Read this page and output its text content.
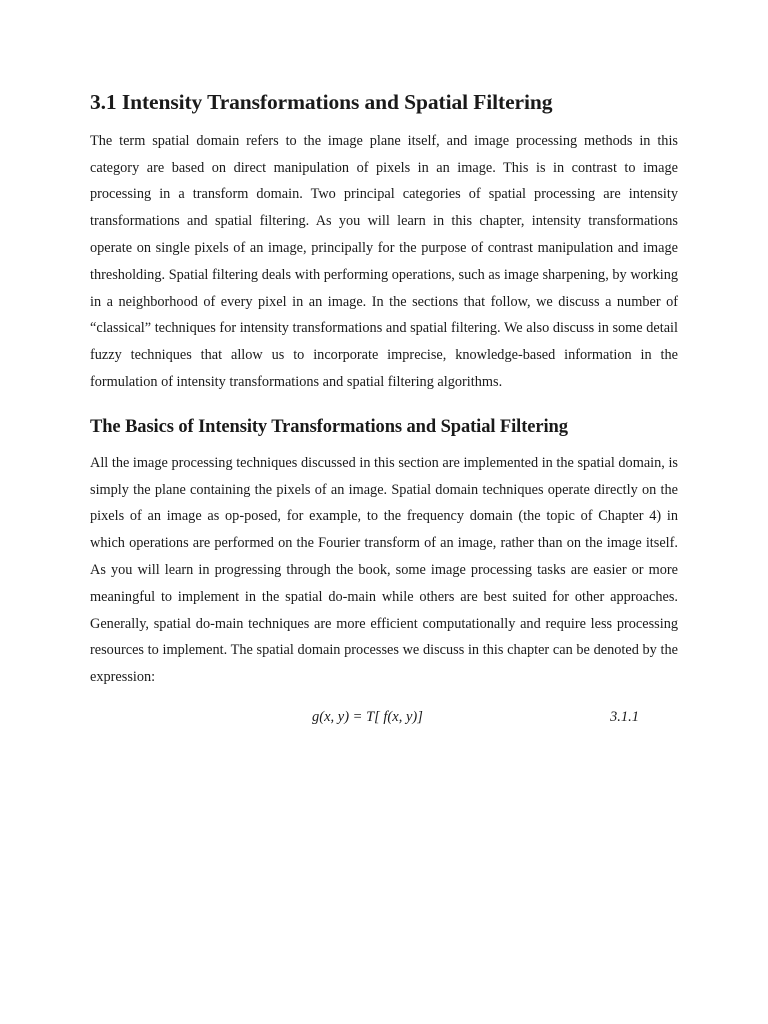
3.1 Intensity Transformations and Spatial Filtering

The term spatial domain refers to the image plane itself, and image processing methods in this category are based on direct manipulation of pixels in an image. This is in contrast to image processing in a transform domain. Two principal categories of spatial processing are intensity transformations and spatial filtering. As you will learn in this chapter, intensity transformations operate on single pixels of an image, principally for the purpose of contrast manipulation and image thresholding. Spatial filtering deals with performing operations, such as image sharpening, by working in a neighborhood of every pixel in an image. In the sections that follow, we discuss a number of “classical” techniques for intensity transformations and spatial filtering. We also discuss in some detail fuzzy techniques that allow us to incorporate imprecise, knowledge-based information in the formulation of intensity transformations and spatial filtering algorithms.

The Basics of Intensity Transformations and Spatial Filtering

All the image processing techniques discussed in this section are implemented in the spatial domain, is simply the plane containing the pixels of an image. Spatial domain techniques operate directly on the pixels of an image as op-posed, for example, to the frequency domain (the topic of Chapter 4) in which operations are performed on the Fourier transform of an image, rather than on the image itself. As you will learn in progressing through the book, some image processing tasks are easier or more meaningful to implement in the spatial do-main while others are best suited for other approaches. Generally, spatial do-main techniques are more efficient computationally and require less processing resources to implement. The spatial domain processes we discuss in this chapter can be denoted by the expression:

g(x, y) = T[ f(x, y)]	3.1.1
